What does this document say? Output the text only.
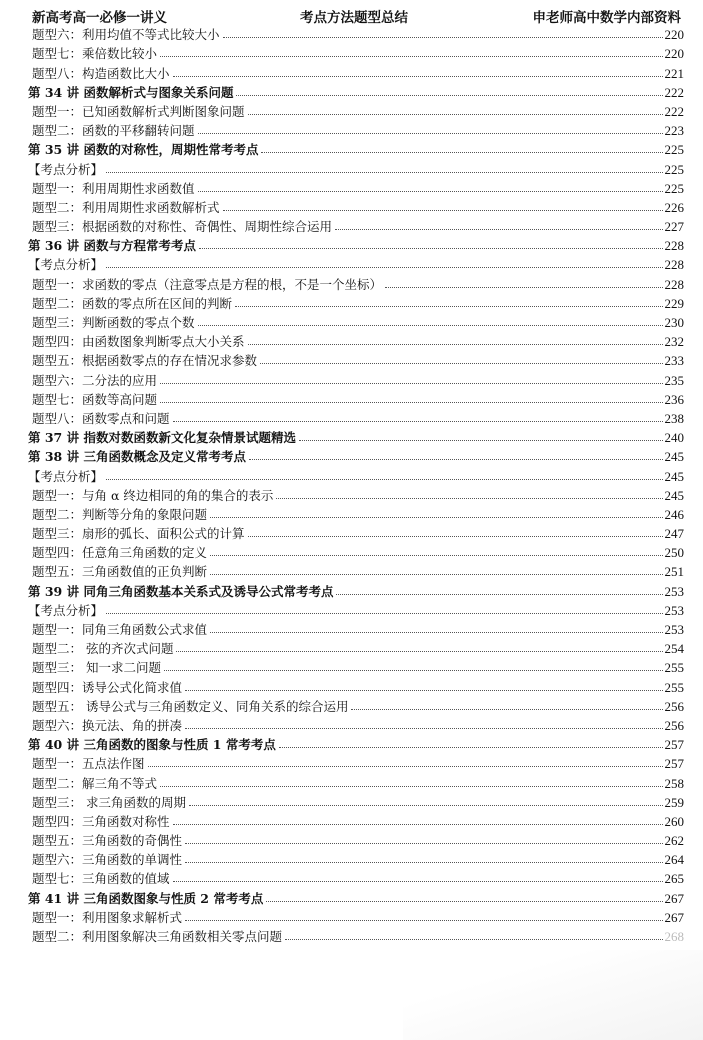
新高考高一必修一讲义	考点方法题型总结	申老师高中数学内部资料
题型六：利用均值不等式比较大小	220
题型七：乘倍数比较小	220
题型八：构造函数比大小	221
第 34 讲 函数解析式与图象关系问题	222
题型一：已知函数解析式判断图象问题	222
题型二：函数的平移翻转问题	223
第 35 讲 函数的对称性，周期性常考考点	225
【考点分析】	225
题型一：利用周期性求函数值	225
题型二：利用周期性求函数解析式	226
题型三：根据函数的对称性、奇偶性、周期性综合运用	227
第 36 讲 函数与方程常考考点	228
【考点分析】	228
题型一：求函数的零点（注意零点是方程的根，不是一个坐标）	228
题型二：函数的零点所在区间的判断	229
题型三：判断函数的零点个数	230
题型四：由函数图象判断零点大小关系	232
题型五：根据函数零点的存在情况求参数	233
题型六：二分法的应用	235
题型七：函数等高问题	236
题型八：函数零点和问题	238
第 37 讲 指数对数函数新文化复杂情景试题精选	240
第 38 讲 三角函数概念及定义常考考点	245
【考点分析】	245
题型一：与角 α 终边相同的角的集合的表示	245
题型二：判断等分角的象限问题	246
题型三：扇形的弧长、面积公式的计算	247
题型四：任意角三角函数的定义	250
题型五：三角函数值的正负判断	251
第 39 讲 同角三角函数基本关系式及诱导公式常考考点	253
【考点分析】	253
题型一：同角三角函数公式求值	253
题型二： 弦的齐次式问题	254
题型三： 知一求二问题	255
题型四：诱导公式化简求值	255
题型五： 诱导公式与三角函数定义、同角关系的综合运用	256
题型六：换元法、角的拼凑	256
第 40 讲 三角函数的图象与性质 1 常考考点	257
题型一：五点法作图	257
题型二：解三角不等式	258
题型三： 求三角函数的周期	259
题型四：三角函数对称性	260
题型五：三角函数的奇偶性	262
题型六：三角函数的单调性	264
题型七：三角函数的值域	265
第 41 讲 三角函数图象与性质 2 常考考点	267
题型一：利用图象求解析式	267
题型二：利用图象解决三角函数相关零点问题	268
